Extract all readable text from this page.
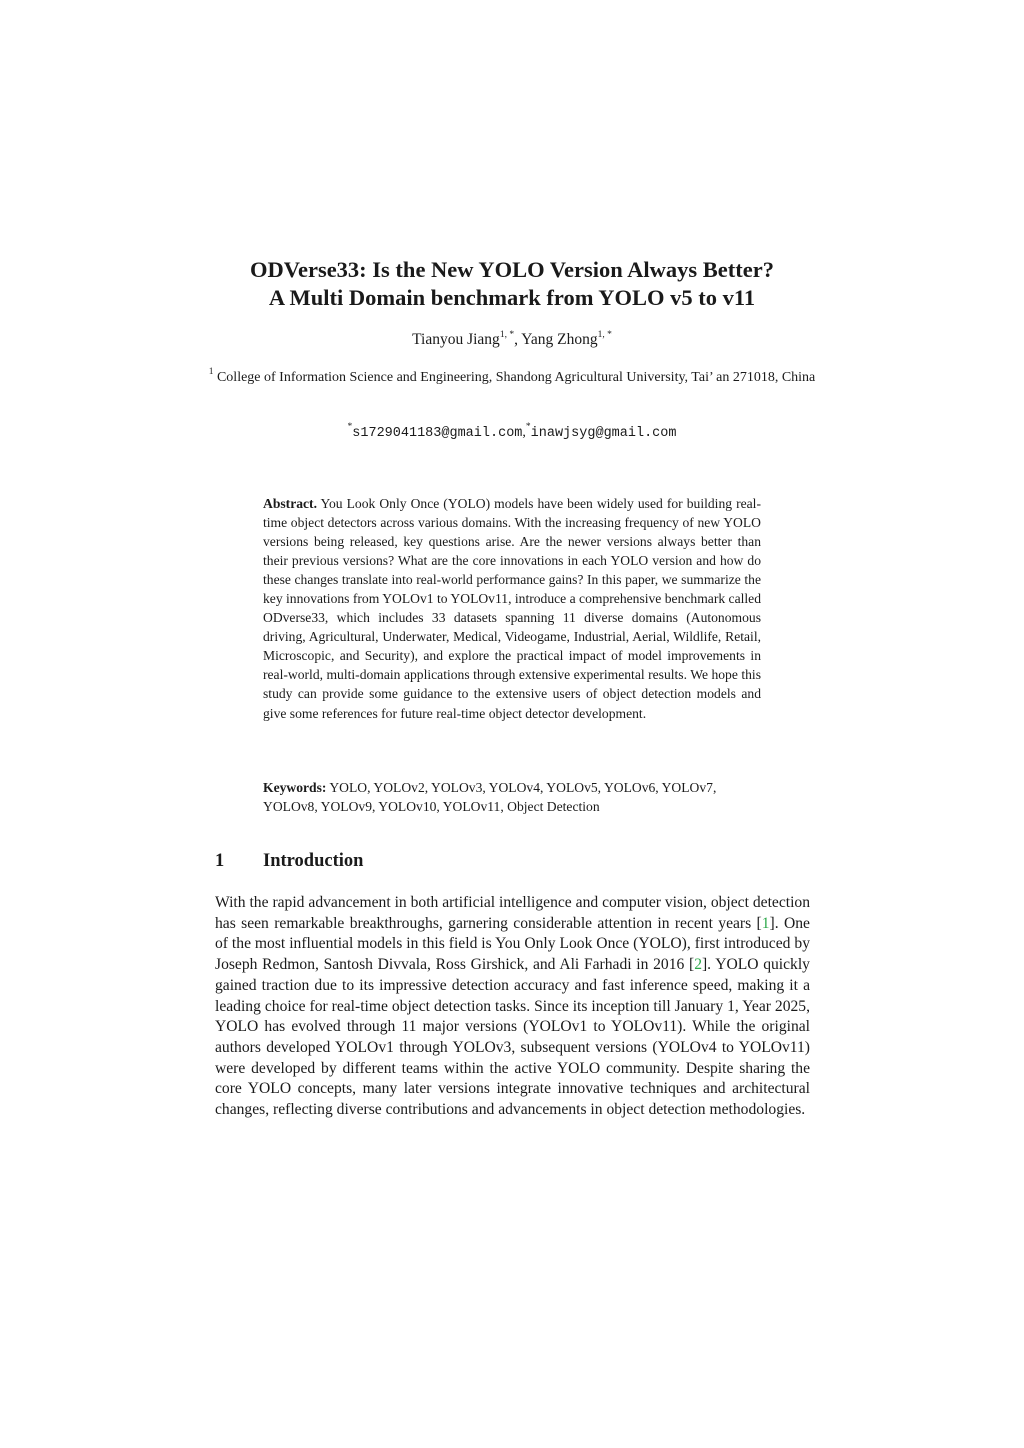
ODVerse33: Is the New YOLO Version Always Better?
A Multi Domain benchmark from YOLO v5 to v11
Tianyou Jiang$^{1, *}$, Yang Zhong$^{1, *}$
$^1$ College of Information Science and Engineering, Shandong Agricultural University, Tai’ an 271018, China
*s1729041183@gmail.com,*inawjsyg@gmail.com
Abstract. You Look Only Once (YOLO) models have been widely used for building real-time object detectors across various domains. With the increasing frequency of new YOLO versions being released, key questions arise. Are the newer versions always better than their previous versions? What are the core innovations in each YOLO version and how do these changes translate into real-world performance gains? In this paper, we summarize the key innovations from YOLOv1 to YOLOv11, introduce a comprehensive benchmark called ODverse33, which includes 33 datasets spanning 11 diverse domains (Autonomous driving, Agricultural, Underwater, Medical, Videogame, Industrial, Aerial, Wildlife, Retail, Microscopic, and Security), and explore the practical impact of model improvements in real-world, multi-domain applications through extensive experimental results. We hope this study can provide some guidance to the extensive users of object detection models and give some references for future real-time object detector development.
Keywords: YOLO, YOLOv2, YOLOv3, YOLOv4, YOLOv5, YOLOv6, YOLOv7, YOLOv8, YOLOv9, YOLOv10, YOLOv11, Object Detection
1 Introduction
With the rapid advancement in both artificial intelligence and computer vision, object detection has seen remarkable breakthroughs, garnering considerable attention in recent years [1]. One of the most influential models in this field is You Only Look Once (YOLO), first introduced by Joseph Redmon, Santosh Divvala, Ross Girshick, and Ali Farhadi in 2016 [2]. YOLO quickly gained traction due to its impressive detection accuracy and fast inference speed, making it a leading choice for real-time object detection tasks. Since its inception till January 1, Year 2025, YOLO has evolved through 11 major versions (YOLOv1 to YOLOv11). While the original authors developed YOLOv1 through YOLOv3, subsequent versions (YOLOv4 to YOLOv11) were developed by different teams within the active YOLO community. Despite sharing the core YOLO concepts, many later versions integrate innovative techniques and architectural changes, reflecting diverse contributions and advancements in object detection methodologies.
